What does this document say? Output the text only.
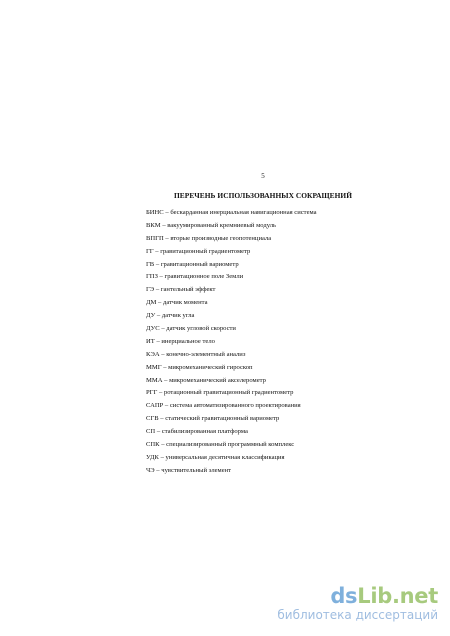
5
ПЕРЕЧЕНЬ ИСПОЛЬЗОВАННЫХ СОКРАЩЕНИЙ
БИНС – бескарданная инерциальная навигационная система
ВКМ – вакуумированный кремниевый модуль
ВПГП – вторые производные геопотенциала
ГГ – гравитационный градиентометр
ГВ – гравитационный вариометр
ГПЗ – гравитационное поле Земли
ГЭ – гантельный эффект
ДМ – датчик момента
ДУ – датчик угла
ДУС – датчик угловой скорости
ИТ – инерциальное тело
КЭА – конечно-элементный анализ
ММГ – микромеханический гироскоп
ММА – микромеханический акселерометр
РГГ – ротационный гравитационный градиентометр
САПР – система автоматизированного проектирования
СГВ – статический гравитационный вариометр
СП – стабилизированная платформа
СПК – специализированный программный комплекс
УДК – универсальная десятичная классификация
ЧЭ – чувствительный элемент
dsLib.net
библиотека диссертаций
